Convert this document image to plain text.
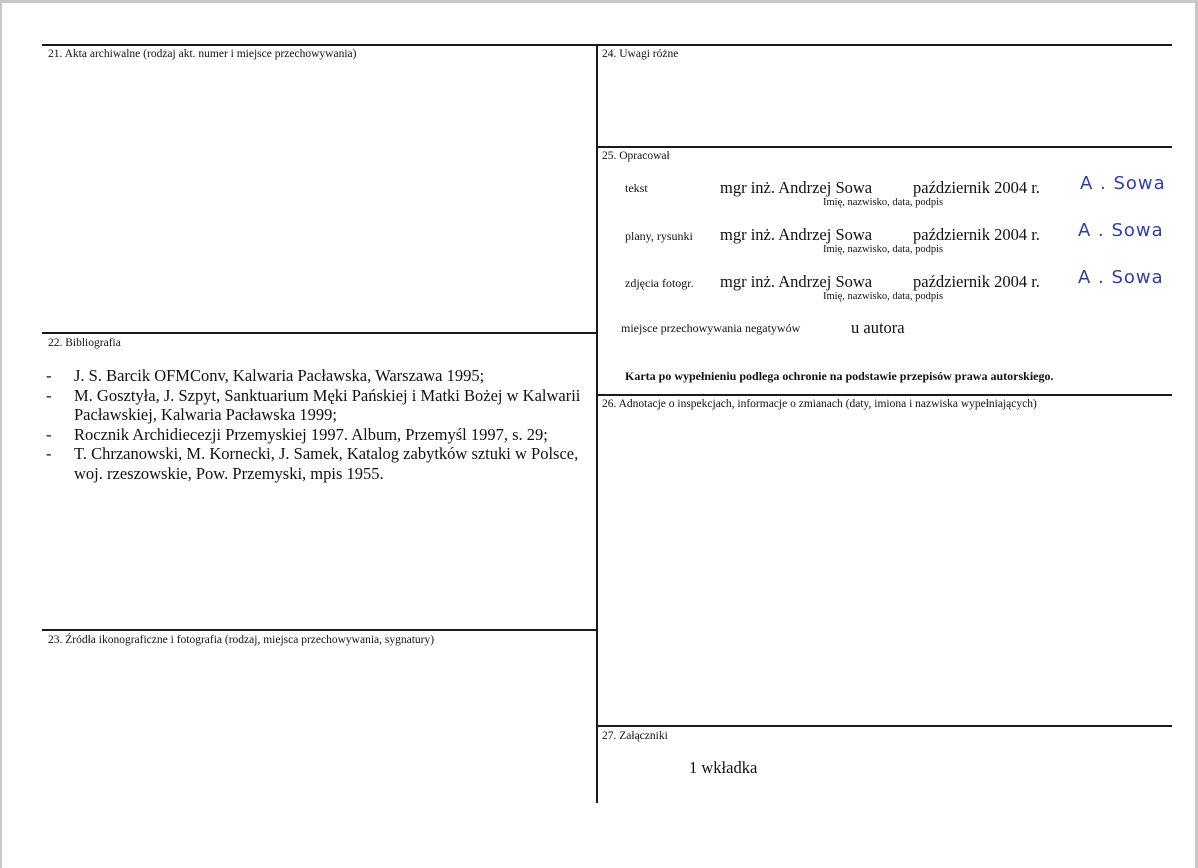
21. Akta archiwalne (rodzaj akt. numer i miejsce przechowywania)
22. Bibliografia
- J. S. Barcik OFMConv, Kalwaria Pacławska, Warszawa 1995;
- M. Gosztyła, J. Szpyt, Sanktuarium Męki Pańskiej i Matki Bożej w Kalwarii Pacławskiej, Kalwaria Pacławska 1999;
- Rocznik Archidiecezji Przemyskiej 1997. Album, Przemyśl 1997, s. 29;
- T. Chrzanowski, M. Kornecki, J. Samek, Katalog zabytków sztuki w Polsce, woj. rzeszowskie, Pow. Przemyski, mpis 1955.
23. Źródła ikonograficzne i fotografia (rodzaj, miejsca przechowywania, sygnatury)
24. Uwagi różne
25. Opracował
tekst	mgr inż. Andrzej Sowa październik 2004 r. A . Sowa
Imię, nazwisko, data, podpis
plany, rysunki mgr inż. Andrzej Sowa październik 2004 r. A . Sowa
Imię, nazwisko, data, podpis
zdjęcia fotogr. mgr inż. Andrzej Sowa październik 2004 r. A . Sowa
Imię, nazwisko, data, podpis
miejsce przechowywania negatywów	u autora
Karta po wypełnieniu podlega ochronie na podstawie przepisów prawa autorskiego.
26. Adnotacje o inspekcjach, informacje o zmianach (daty, imiona i nazwiska wypełniających)
27. Załączniki
1 wkładka
